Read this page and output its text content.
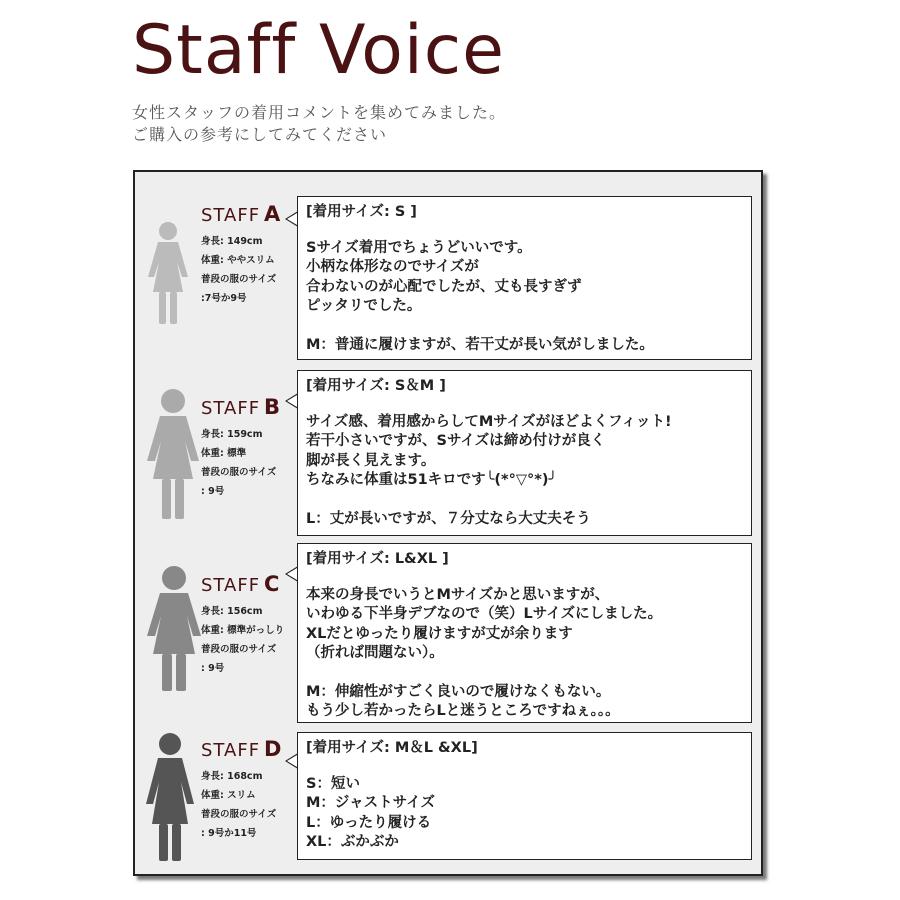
Staff Voice
女性スタッフの着用コメントを集めてみました。
ご購入の参考にしてみてください
STAFF A
身長: 149cm
体重: ややスリム
普段の服のサイズ
:7号か9号
[着用サイズ: S ]
Sサイズ着用でちょうどいいです。
小柄な体形なのでサイズが
合わないのが心配でしたが、丈も長すぎず
ピッタリでした。
M：普通に履けますが、若干丈が長い気がしました。
STAFF B
身長: 159cm
体重: 標準
普段の服のサイズ
: 9号
[着用サイズ: S＆M ]
サイズ感、着用感からしてMサイズがほどよくフィット!
若干小さいですが、Sサイズは締め付けが良く
脚が長く見えます。
ちなみに体重は51キロです╰(*°▽°*)╯
L：丈が長いですが、７分丈なら大丈夫そう
STAFF C
身長: 156cm
体重: 標準がっしり
普段の服のサイズ
: 9号
[着用サイズ: L&XL ]
本来の身長でいうとMサイズかと思いますが、
いわゆる下半身デブなので（笑）Lサイズにしました。
XLだとゆったり履けますが丈が余ります
（折れば問題ない）。
M：伸縮性がすごく良いので履けなくもない。
もう少し若かったらLと迷うところですねぇ。。。
STAFF D
身長: 168cm
体重: スリム
普段の服のサイズ
: 9号か11号
[着用サイズ: M＆L &XL]
S：短い
M：ジャストサイズ
L：ゆったり履ける
XL：ぶかぶか
